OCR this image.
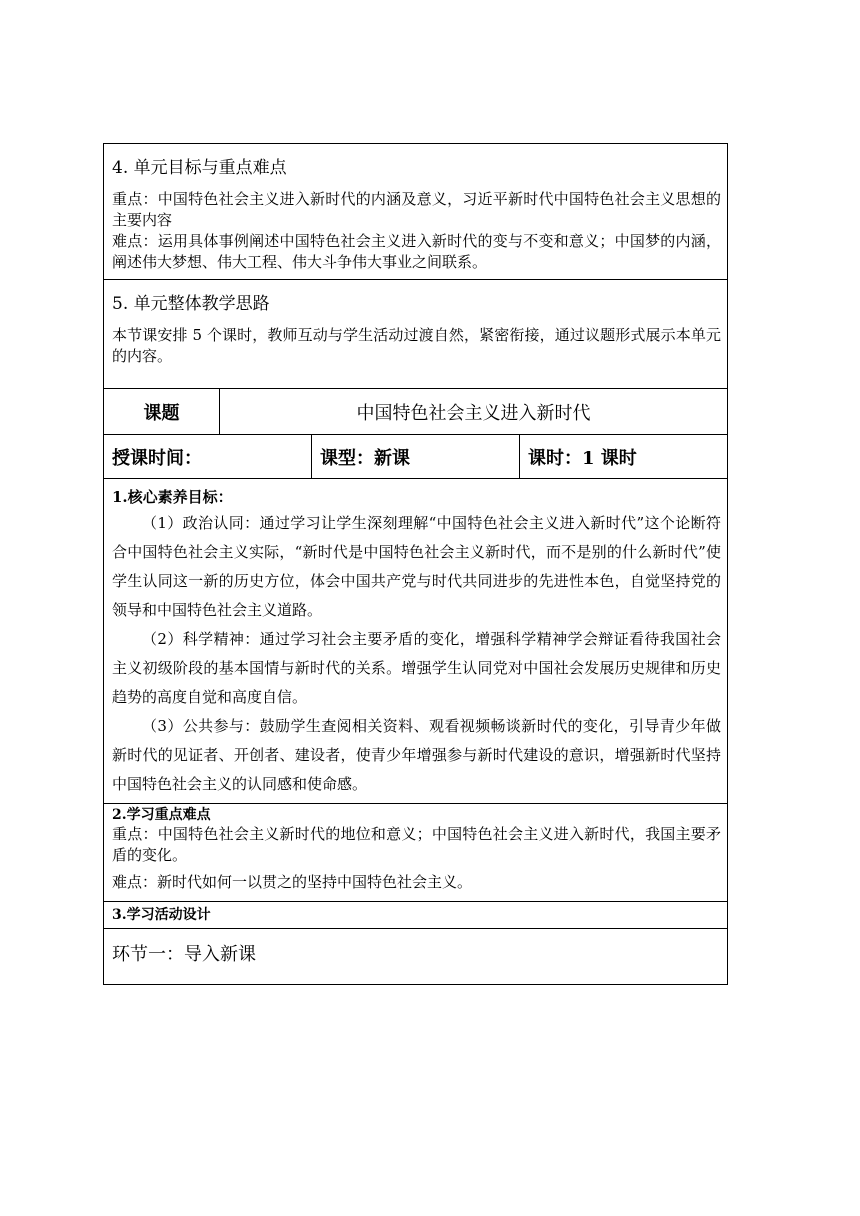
4. 单元目标与重点难点

重点：中国特色社会主义进入新时代的内涵及意义，习近平新时代中国特色社会主义思想的主要内容

难点：运用具体事例阐述中国特色社会主义进入新时代的变与不变和意义；中国梦的内涵，阐述伟大梦想、伟大工程、伟大斗争伟大事业之间联系。

5. 单元整体教学思路

本节课安排 5 个课时，教师互动与学生活动过渡自然，紧密衔接，通过议题形式展示本单元的内容。

课题	中国特色社会主义进入新时代
授课时间：	课型：新课	课时：1 课时
1.核心素养目标：

（1）政治认同：通过学习让学生深刻理解“中国特色社会主义进入新时代”这个论断符合中国特色社会主义实际，“新时代是中国特色社会主义新时代，而不是别的什么新时代”使学生认同这一新的历史方位，体会中国共产党与时代共同进步的先进性本色，自觉坚持党的领导和中国特色社会主义道路。

（2）科学精神：通过学习社会主要矛盾的变化，增强科学精神学会辩证看待我国社会主义初级阶段的基本国情与新时代的关系。增强学生认同党对中国社会发展历史规律和历史趋势的高度自觉和高度自信。

（3）公共参与：鼓励学生查阅相关资料、观看视频畅谈新时代的变化，引导青少年做新时代的见证者、开创者、建设者，使青少年增强参与新时代建设的意识，增强新时代坚持中国特色社会主义的认同感和使命感。

2.学习重点难点

重点：中国特色社会主义新时代的地位和意义；中国特色社会主义进入新时代，我国主要矛盾的变化。

难点：新时代如何一以贯之的坚持中国特色社会主义。

3.学习活动设计
环节一：导入新课
